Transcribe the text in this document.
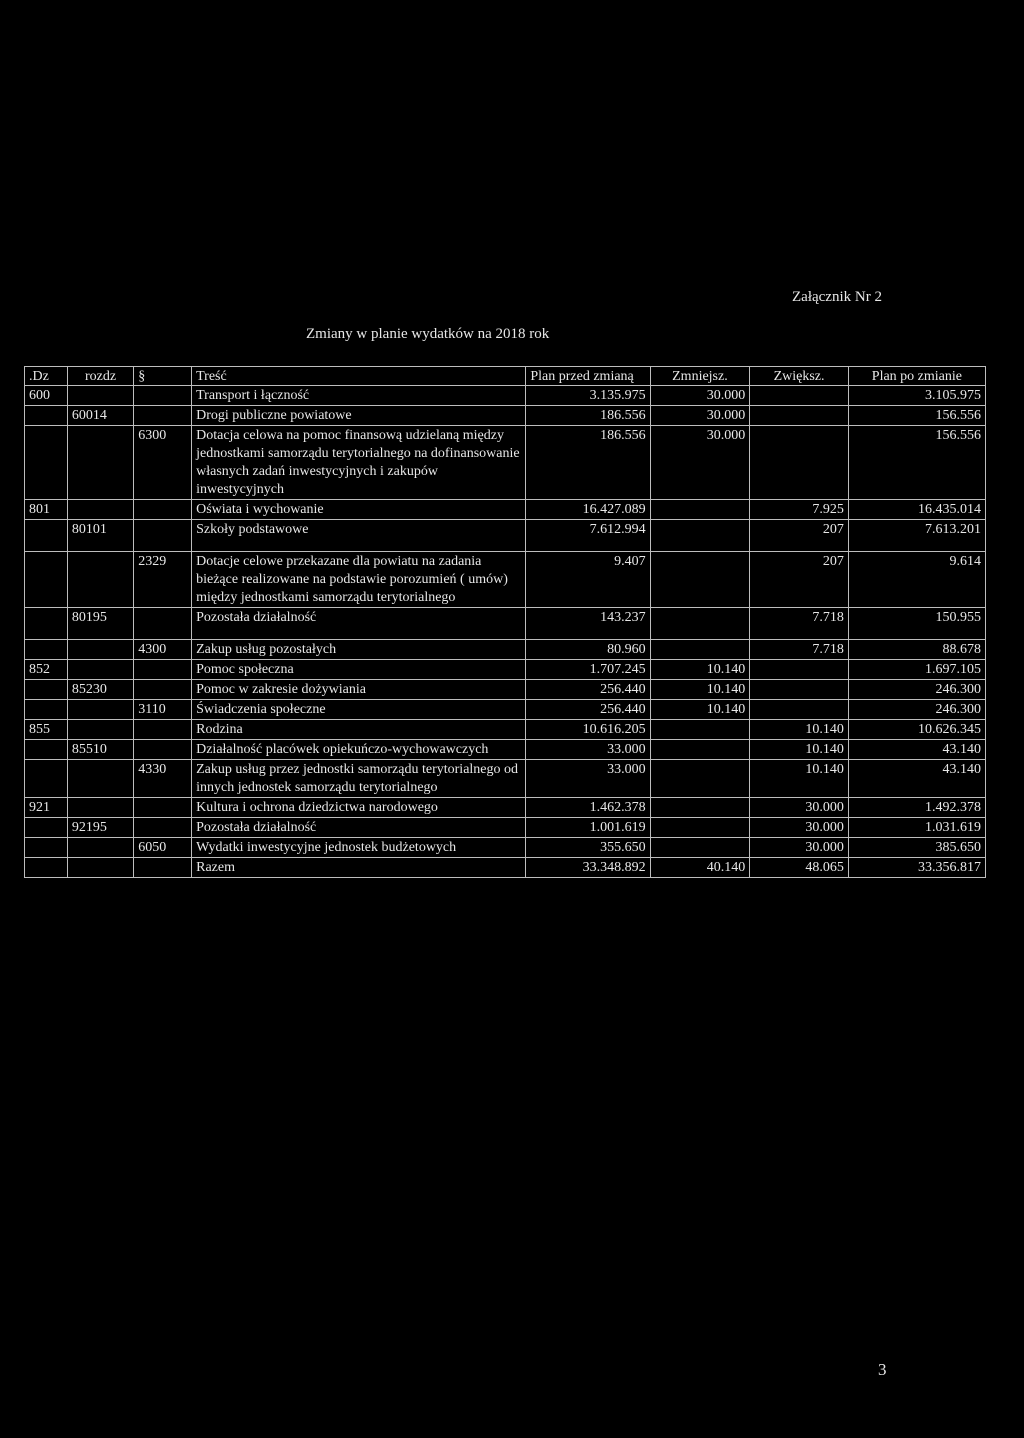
Załącznik Nr 2
Zmiany w planie wydatków na 2018 rok
.Dz	rozdz	§	Treść	Plan przed zmianą	Zmniejsz.	Zwiększ.	Plan po zmianie
600			Transport i łączność	3.135.975	30.000		3.105.975
	60014		Drogi publiczne powiatowe	186.556	30.000		156.556
		6300	Dotacja celowa na pomoc finansową udzielaną między jednostkami samorządu terytorialnego na dofinansowanie własnych zadań inwestycyjnych i zakupów inwestycyjnych	186.556	30.000		156.556
801			Oświata i wychowanie	16.427.089		7.925	16.435.014
	80101		Szkoły podstawowe	7.612.994		207	7.613.201
		2329	Dotacje celowe przekazane dla powiatu na zadania bieżące realizowane na podstawie porozumień ( umów) między jednostkami samorządu terytorialnego	9.407		207	9.614
	80195		Pozostała działalność	143.237		7.718	150.955
		4300	Zakup usług pozostałych	80.960		7.718	88.678
852			Pomoc społeczna	1.707.245	10.140		1.697.105
	85230		Pomoc w zakresie dożywiania	256.440	10.140		246.300
		3110	Świadczenia społeczne	256.440	10.140		246.300
855			Rodzina	10.616.205		10.140	10.626.345
	85510		Działalność placówek opiekuńczo-wychowawczych	33.000		10.140	43.140
		4330	Zakup usług przez jednostki samorządu terytorialnego od innych jednostek samorządu terytorialnego	33.000		10.140	43.140
921			Kultura i ochrona dziedzictwa narodowego	1.462.378		30.000	1.492.378
	92195		Pozostała działalność	1.001.619		30.000	1.031.619
		6050	Wydatki inwestycyjne jednostek budżetowych	355.650		30.000	385.650
			Razem	33.348.892	40.140	48.065	33.356.817
3
